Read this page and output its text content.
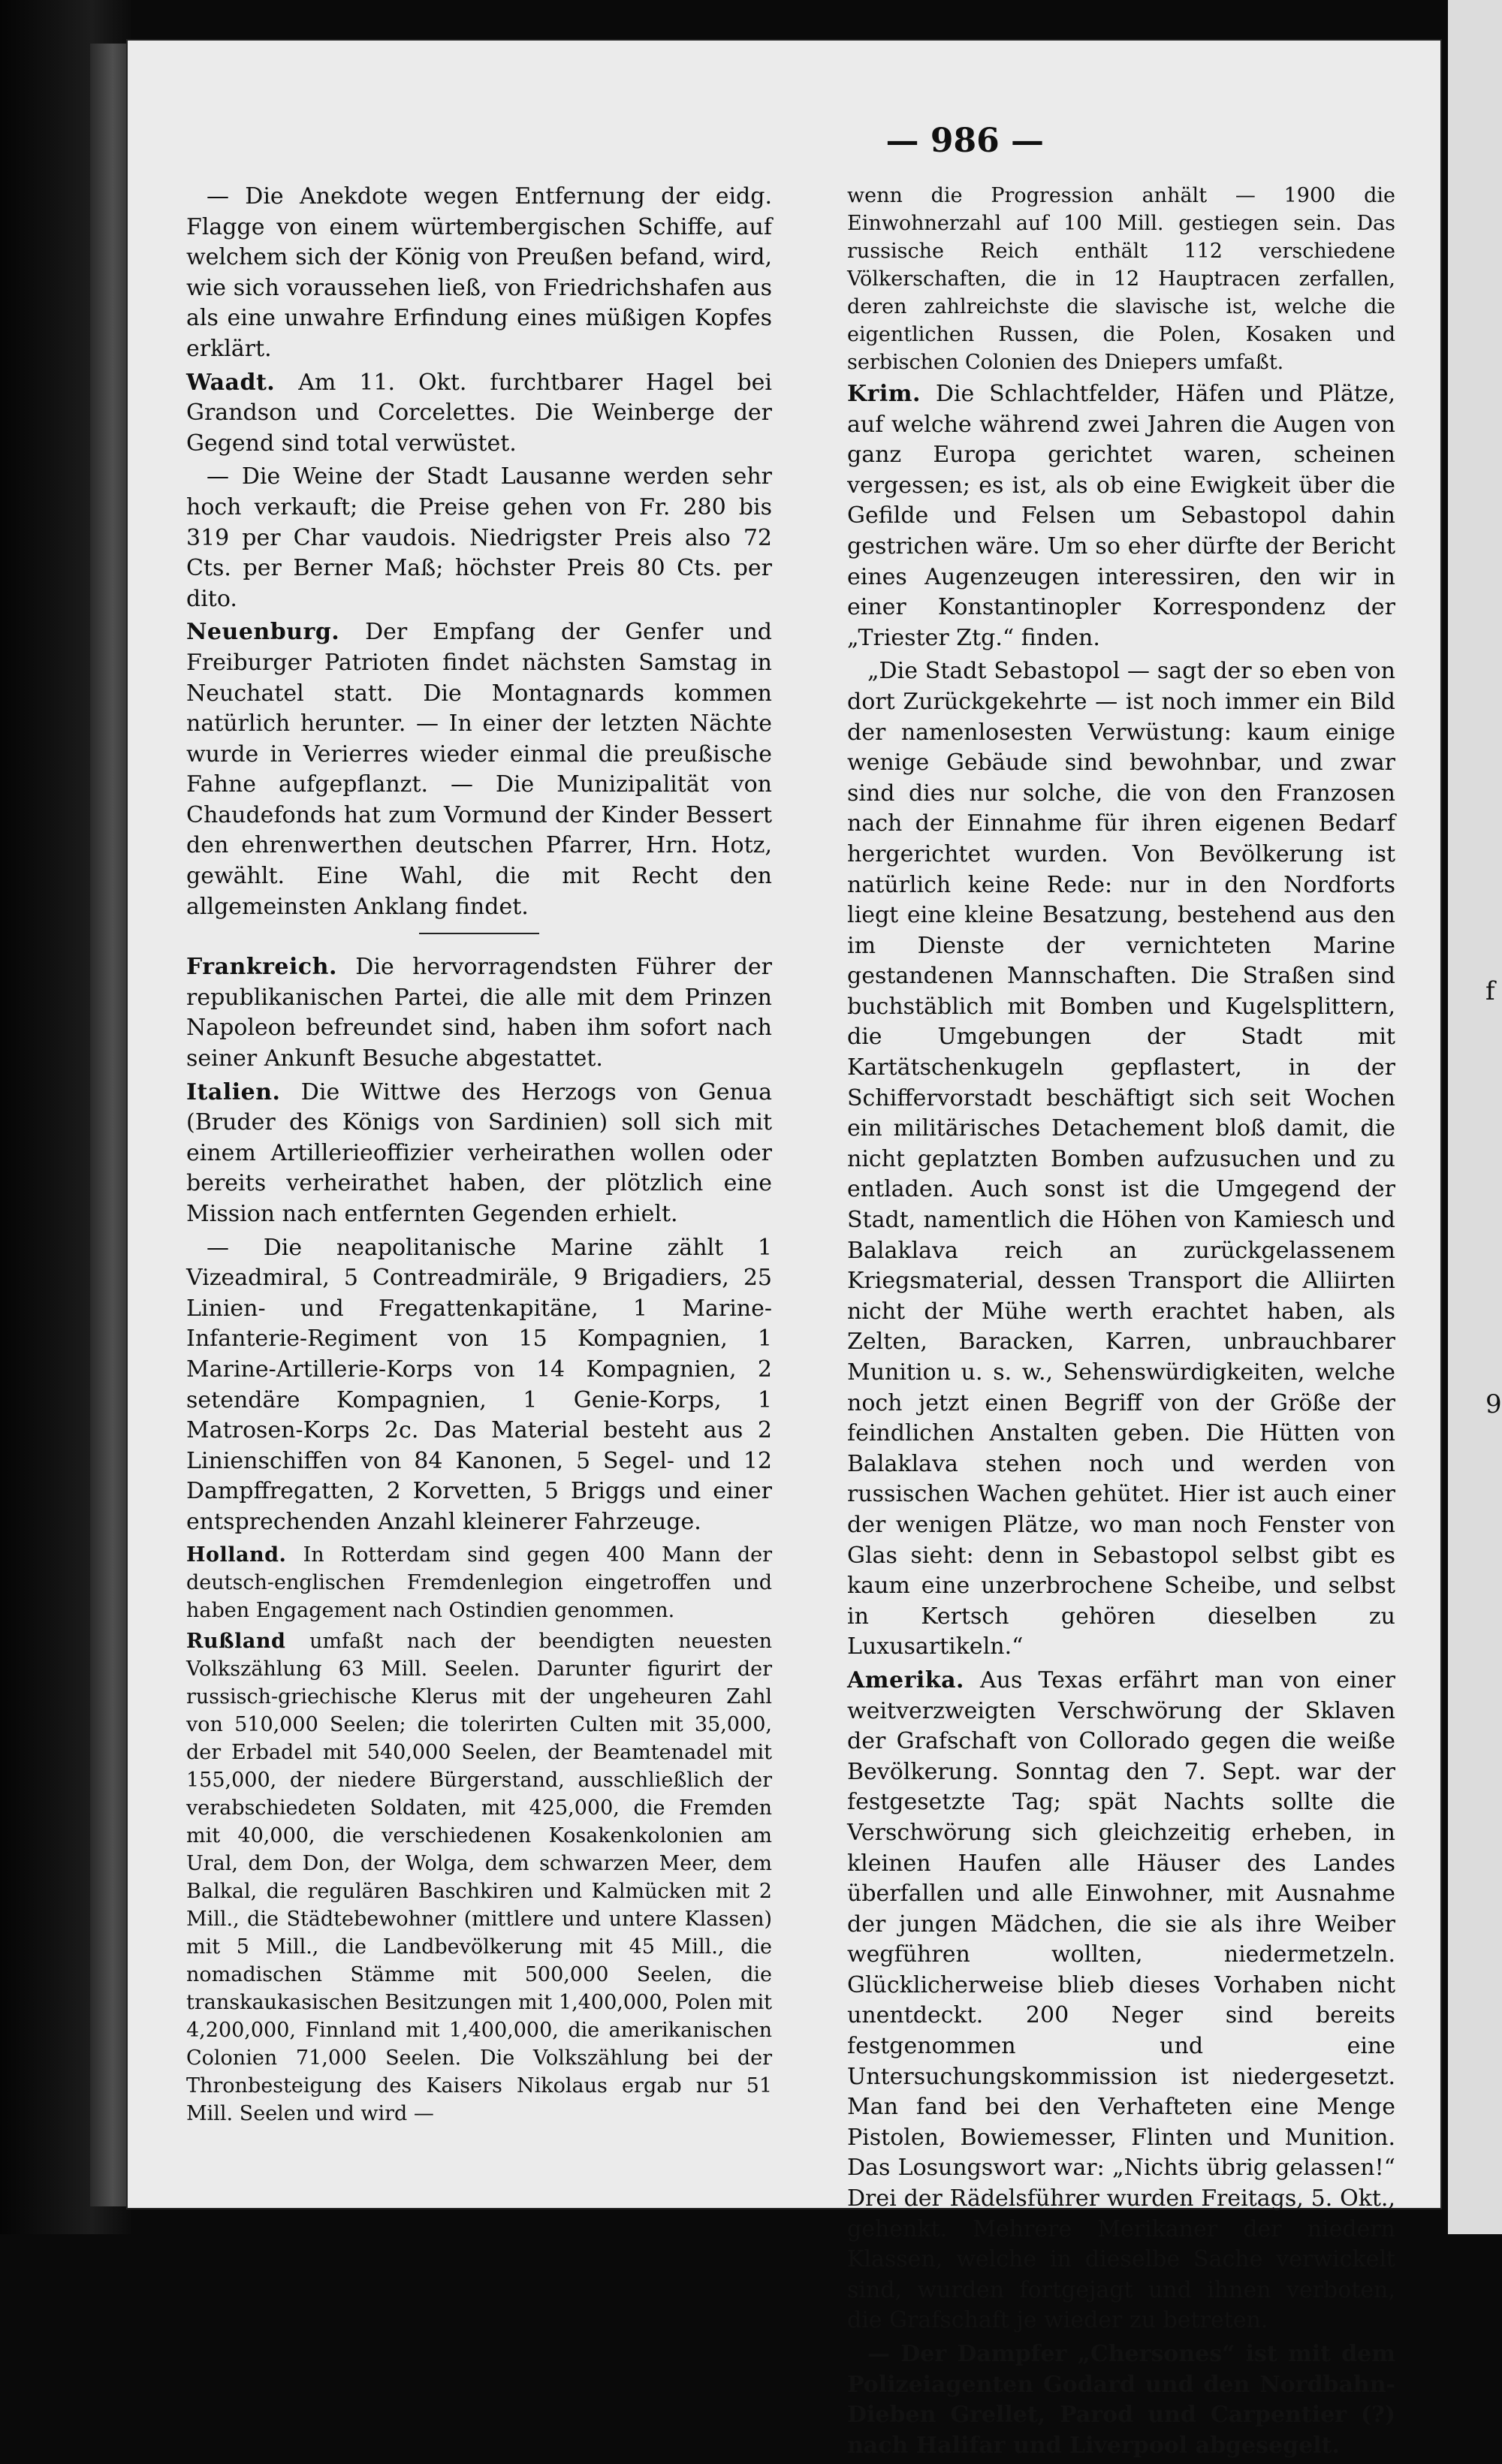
— 986 —

— Die Anekdote wegen Entfernung der eidg. Flagge von einem würtembergischen Schiffe, auf welchem sich der König von Preußen befand, wird, wie sich voraussehen ließ, von Friedrichshafen aus als eine unwahre Erfindung eines müßigen Kopfes erklärt.

Waadt. Am 11. Okt. furchtbarer Hagel bei Grandson und Corcelettes. Die Weinberge der Gegend sind total verwüstet.

— Die Weine der Stadt Lausanne werden sehr hoch verkauft; die Preise gehen von Fr. 280 bis 319 per Char vaudois. Niedrigster Preis also 72 Cts. per Berner Maß; höchster Preis 80 Cts. per dito.

Neuenburg. Der Empfang der Genfer und Freiburger Patrioten findet nächsten Samstag in Neuchatel statt. Die Montagnards kommen natürlich herunter. — In einer der letzten Nächte wurde in Verierres wieder einmal die preußische Fahne aufgepflanzt. — Die Munizipalität von Chaudefonds hat zum Vormund der Kinder Bessert den ehrenwerthen deutschen Pfarrer, Hrn. Hotz, gewählt. Eine Wahl, die mit Recht den allgemeinsten Anklang findet.

Frankreich. Die hervorragendsten Führer der republikanischen Partei, die alle mit dem Prinzen Napoleon befreundet sind, haben ihm sofort nach seiner Ankunft Besuche abgestattet.

Italien. Die Wittwe des Herzogs von Genua (Bruder des Königs von Sardinien) soll sich mit einem Artillerieoffizier verheirathen wollen oder bereits verheirathet haben, der plötzlich eine Mission nach entfernten Gegenden erhielt.

— Die neapolitanische Marine zählt 1 Vizeadmiral, 5 Contreadmiräle, 9 Brigadiers, 25 Linien- und Fregattenkapitäne, 1 Marine-Infanterie-Regiment von 15 Kompagnien, 1 Marine-Artillerie-Korps von 14 Kompagnien, 2 setendäre Kompagnien, 1 Genie-Korps, 1 Matrosen-Korps 2c. Das Material besteht aus 2 Linienschiffen von 84 Kanonen, 5 Segel- und 12 Dampffregatten, 2 Korvetten, 5 Briggs und einer entsprechenden Anzahl kleinerer Fahrzeuge.

Holland. In Rotterdam sind gegen 400 Mann der deutsch-englischen Fremdenlegion eingetroffen und haben Engagement nach Ostindien genommen.

Rußland umfaßt nach der beendigten neuesten Volkszählung 63 Mill. Seelen. Darunter figurirt der russisch-griechische Klerus mit der ungeheuren Zahl von 510,000 Seelen; die tolerirten Culten mit 35,000, der Erbadel mit 540,000 Seelen, der Beamtenadel mit 155,000, der niedere Bürgerstand, ausschließlich der verabschiedeten Soldaten, mit 425,000, die Fremden mit 40,000, die verschiedenen Kosakenkolonien am Ural, dem Don, der Wolga, dem schwarzen Meer, dem Balkal, die regulären Baschkiren und Kalmücken mit 2 Mill., die Städtebewohner (mittlere und untere Klassen) mit 5 Mill., die Landbevölkerung mit 45 Mill., die nomadischen Stämme mit 500,000 Seelen, die transkaukasischen Besitzungen mit 1,400,000, Polen mit 4,200,000, Finnland mit 1,400,000, die amerikanischen Colonien 71,000 Seelen. Die Volkszählung bei der Thronbesteigung des Kaisers Nikolaus ergab nur 51 Mill. Seelen und wird —

wenn die Progression anhält — 1900 die Einwohnerzahl auf 100 Mill. gestiegen sein. Das russische Reich enthält 112 verschiedene Völkerschaften, die in 12 Hauptracen zerfallen, deren zahlreichste die slavische ist, welche die eigentlichen Russen, die Polen, Kosaken und serbischen Colonien des Dniepers umfaßt.

Krim. Die Schlachtfelder, Häfen und Plätze, auf welche während zwei Jahren die Augen von ganz Europa gerichtet waren, scheinen vergessen; es ist, als ob eine Ewigkeit über die Gefilde und Felsen um Sebastopol dahin gestrichen wäre. Um so eher dürfte der Bericht eines Augenzeugen interessiren, den wir in einer Konstantinopler Korrespondenz der „Triester Ztg.“ finden.

„Die Stadt Sebastopol — sagt der so eben von dort Zurückgekehrte — ist noch immer ein Bild der namenlosesten Verwüstung: kaum einige wenige Gebäude sind bewohnbar, und zwar sind dies nur solche, die von den Franzosen nach der Einnahme für ihren eigenen Bedarf hergerichtet wurden. Von Bevölkerung ist natürlich keine Rede: nur in den Nordforts liegt eine kleine Besatzung, bestehend aus den im Dienste der vernichteten Marine gestandenen Mannschaften. Die Straßen sind buchstäblich mit Bomben und Kugelsplittern, die Umgebungen der Stadt mit Kartätschenkugeln gepflastert, in der Schiffervorstadt beschäftigt sich seit Wochen ein militärisches Detachement bloß damit, die nicht geplatzten Bomben aufzusuchen und zu entladen. Auch sonst ist die Umgegend der Stadt, namentlich die Höhen von Kamiesch und Balaklava reich an zurückgelassenem Kriegsmaterial, dessen Transport die Alliirten nicht der Mühe werth erachtet haben, als Zelten, Baracken, Karren, unbrauchbarer Munition u. s. w., Sehenswürdigkeiten, welche noch jetzt einen Begriff von der Größe der feindlichen Anstalten geben. Die Hütten von Balaklava stehen noch und werden von russischen Wachen gehütet. Hier ist auch einer der wenigen Plätze, wo man noch Fenster von Glas sieht: denn in Sebastopol selbst gibt es kaum eine unzerbrochene Scheibe, und selbst in Kertsch gehören dieselben zu Luxusartikeln.“

Amerika. Aus Texas erfährt man von einer weitverzweigten Verschwörung der Sklaven der Grafschaft von Collorado gegen die weiße Bevölkerung. Sonntag den 7. Sept. war der festgesetzte Tag; spät Nachts sollte die Verschwörung sich gleichzeitig erheben, in kleinen Haufen alle Häuser des Landes überfallen und alle Einwohner, mit Ausnahme der jungen Mädchen, die sie als ihre Weiber wegführen wollten, niedermetzeln. Glücklicherweise blieb dieses Vorhaben nicht unentdeckt. 200 Neger sind bereits festgenommen und eine Untersuchungskommission ist niedergesetzt. Man fand bei den Verhafteten eine Menge Pistolen, Bowiemesser, Flinten und Munition. Das Losungswort war: „Nichts übrig gelassen!“ Drei der Rädelsführer wurden Freitags, 5. Okt., gehenkt. Mehrere Merikaner der niedern Klassen, welche in dieselbe Sache verwickelt sind, wurden fortgejagt und ihnen verboten, die Grafschaft je wieder zu betreten.

— Der Dampfer „Chersones“ ist mit dem Polizeiagenten Godard und den Nordbahn-Dieben Grellet, Parod und Carpentier (?) nach Halifar und Liverpool abgesegelt.

f
9
